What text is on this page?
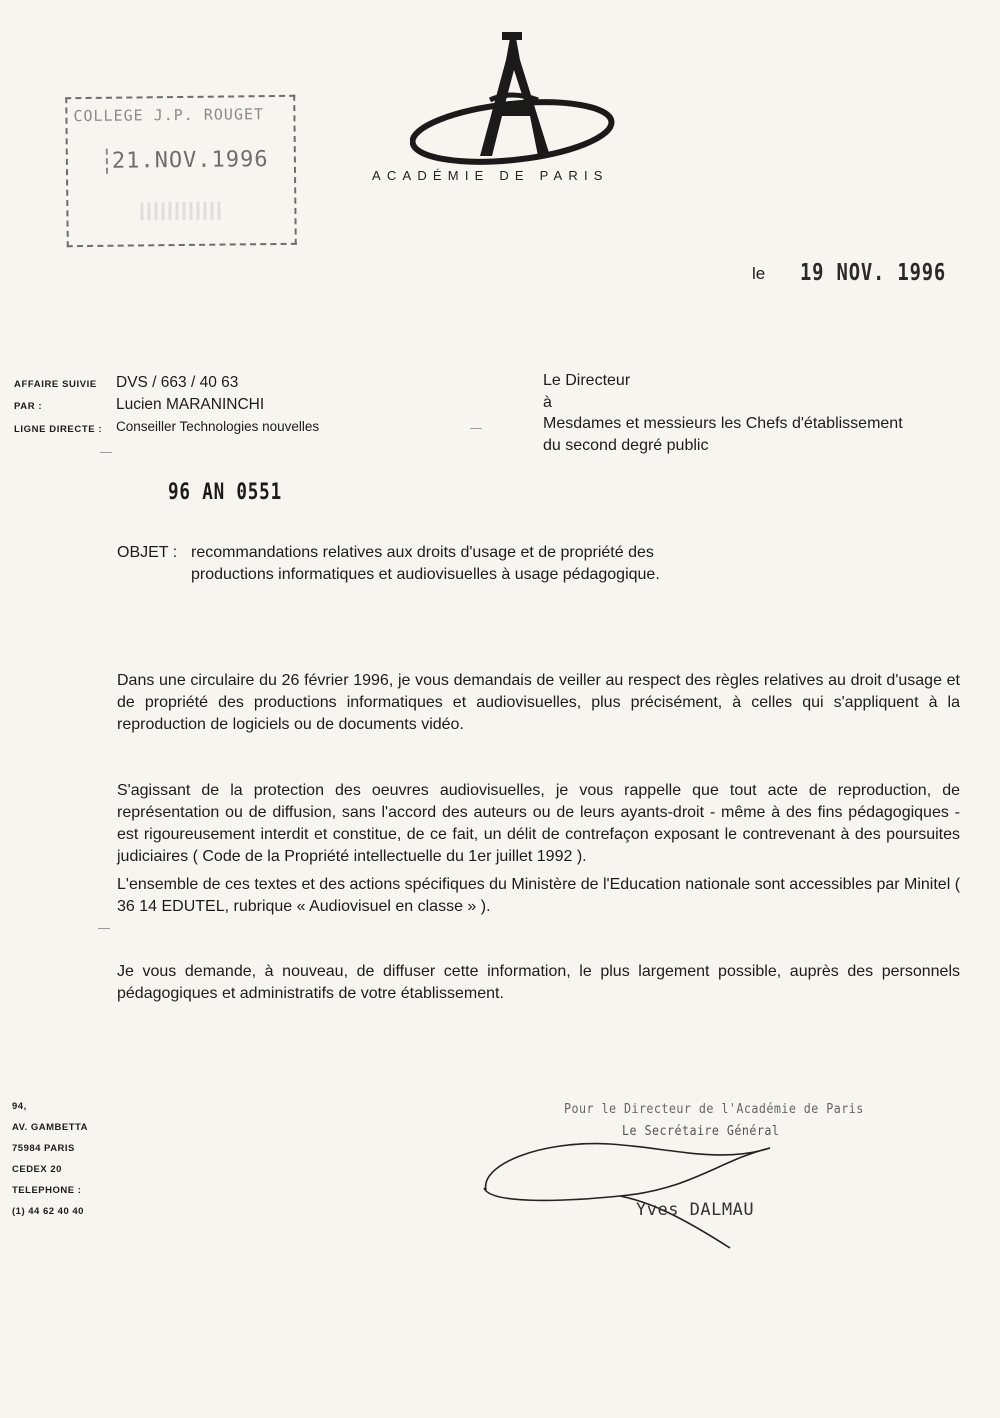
COLLEGE J.P. ROUGET
21.NOV.1996
ACADÉMIE DE PARIS
le 19 NOV. 1996
AFFAIRE SUIVIE
PAR :
LIGNE DIRECTE :
DVS / 663 / 40 63
Lucien MARANINCHI
Conseiller Technologies nouvelles
Le Directeur
à
Mesdames et messieurs les Chefs d'établissement
du second degré public
96 AN 0551
OBJET : recommandations relatives aux droits d'usage et de propriété des
productions informatiques et audiovisuelles à usage pédagogique.
Dans une circulaire du 26 février 1996, je vous demandais de veiller au respect des règles relatives au droit d'usage et de propriété des productions informatiques et audiovisuelles, plus précisément, à celles qui s'appliquent à la reproduction de logiciels ou de documents vidéo.
S'agissant de la protection des oeuvres audiovisuelles, je vous rappelle que tout acte de reproduction, de représentation ou de diffusion, sans l'accord des auteurs ou de leurs ayants-droit - même à des fins pédagogiques - est rigoureusement interdit et constitue, de ce fait, un délit de contrefaçon exposant le contrevenant à des poursuites judiciaires ( Code de la Propriété intellectuelle du 1er juillet 1992 ).
L'ensemble de ces textes et des actions spécifiques du Ministère de l'Education nationale sont accessibles par Minitel ( 36 14 EDUTEL, rubrique « Audiovisuel en classe » ).
Je vous demande, à nouveau, de diffuser cette information, le plus largement possible, auprès des personnels pédagogiques et administratifs de votre établissement.
94,
AV. GAMBETTA
75984 PARIS
CEDEX 20
TELEPHONE :
(1) 44 62 40 40
Pour le Directeur de l'Académie de Paris
Le Secrétaire Général
Yves DALMAU
